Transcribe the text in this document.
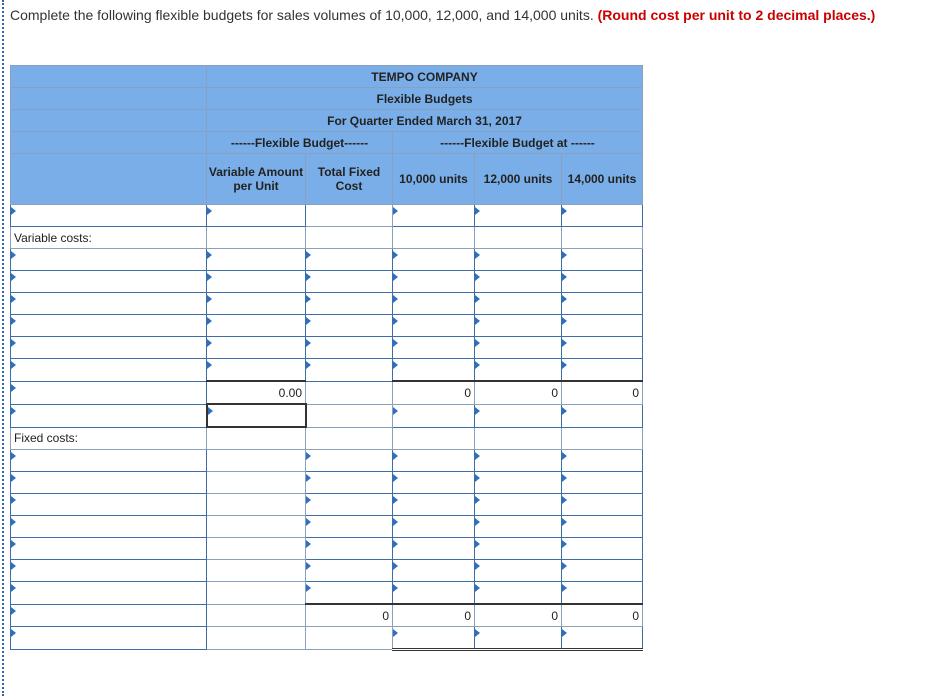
Complete the following flexible budgets for sales volumes of 10,000, 12,000, and 14,000 units. (Round cost per unit to 2 decimal places.)
	TEMPO COMPANY				
	Flexible Budgets				
	For Quarter Ended March 31, 2017				
	------Flexible Budget------		------Flexible Budget at ------		
	Variable Amount per Unit	Total Fixed Cost	10,000 units	12,000 units	14,000 units

Variable costs:					

	0.00		0	0	0

Fixed costs:					

		0	0	0	0
